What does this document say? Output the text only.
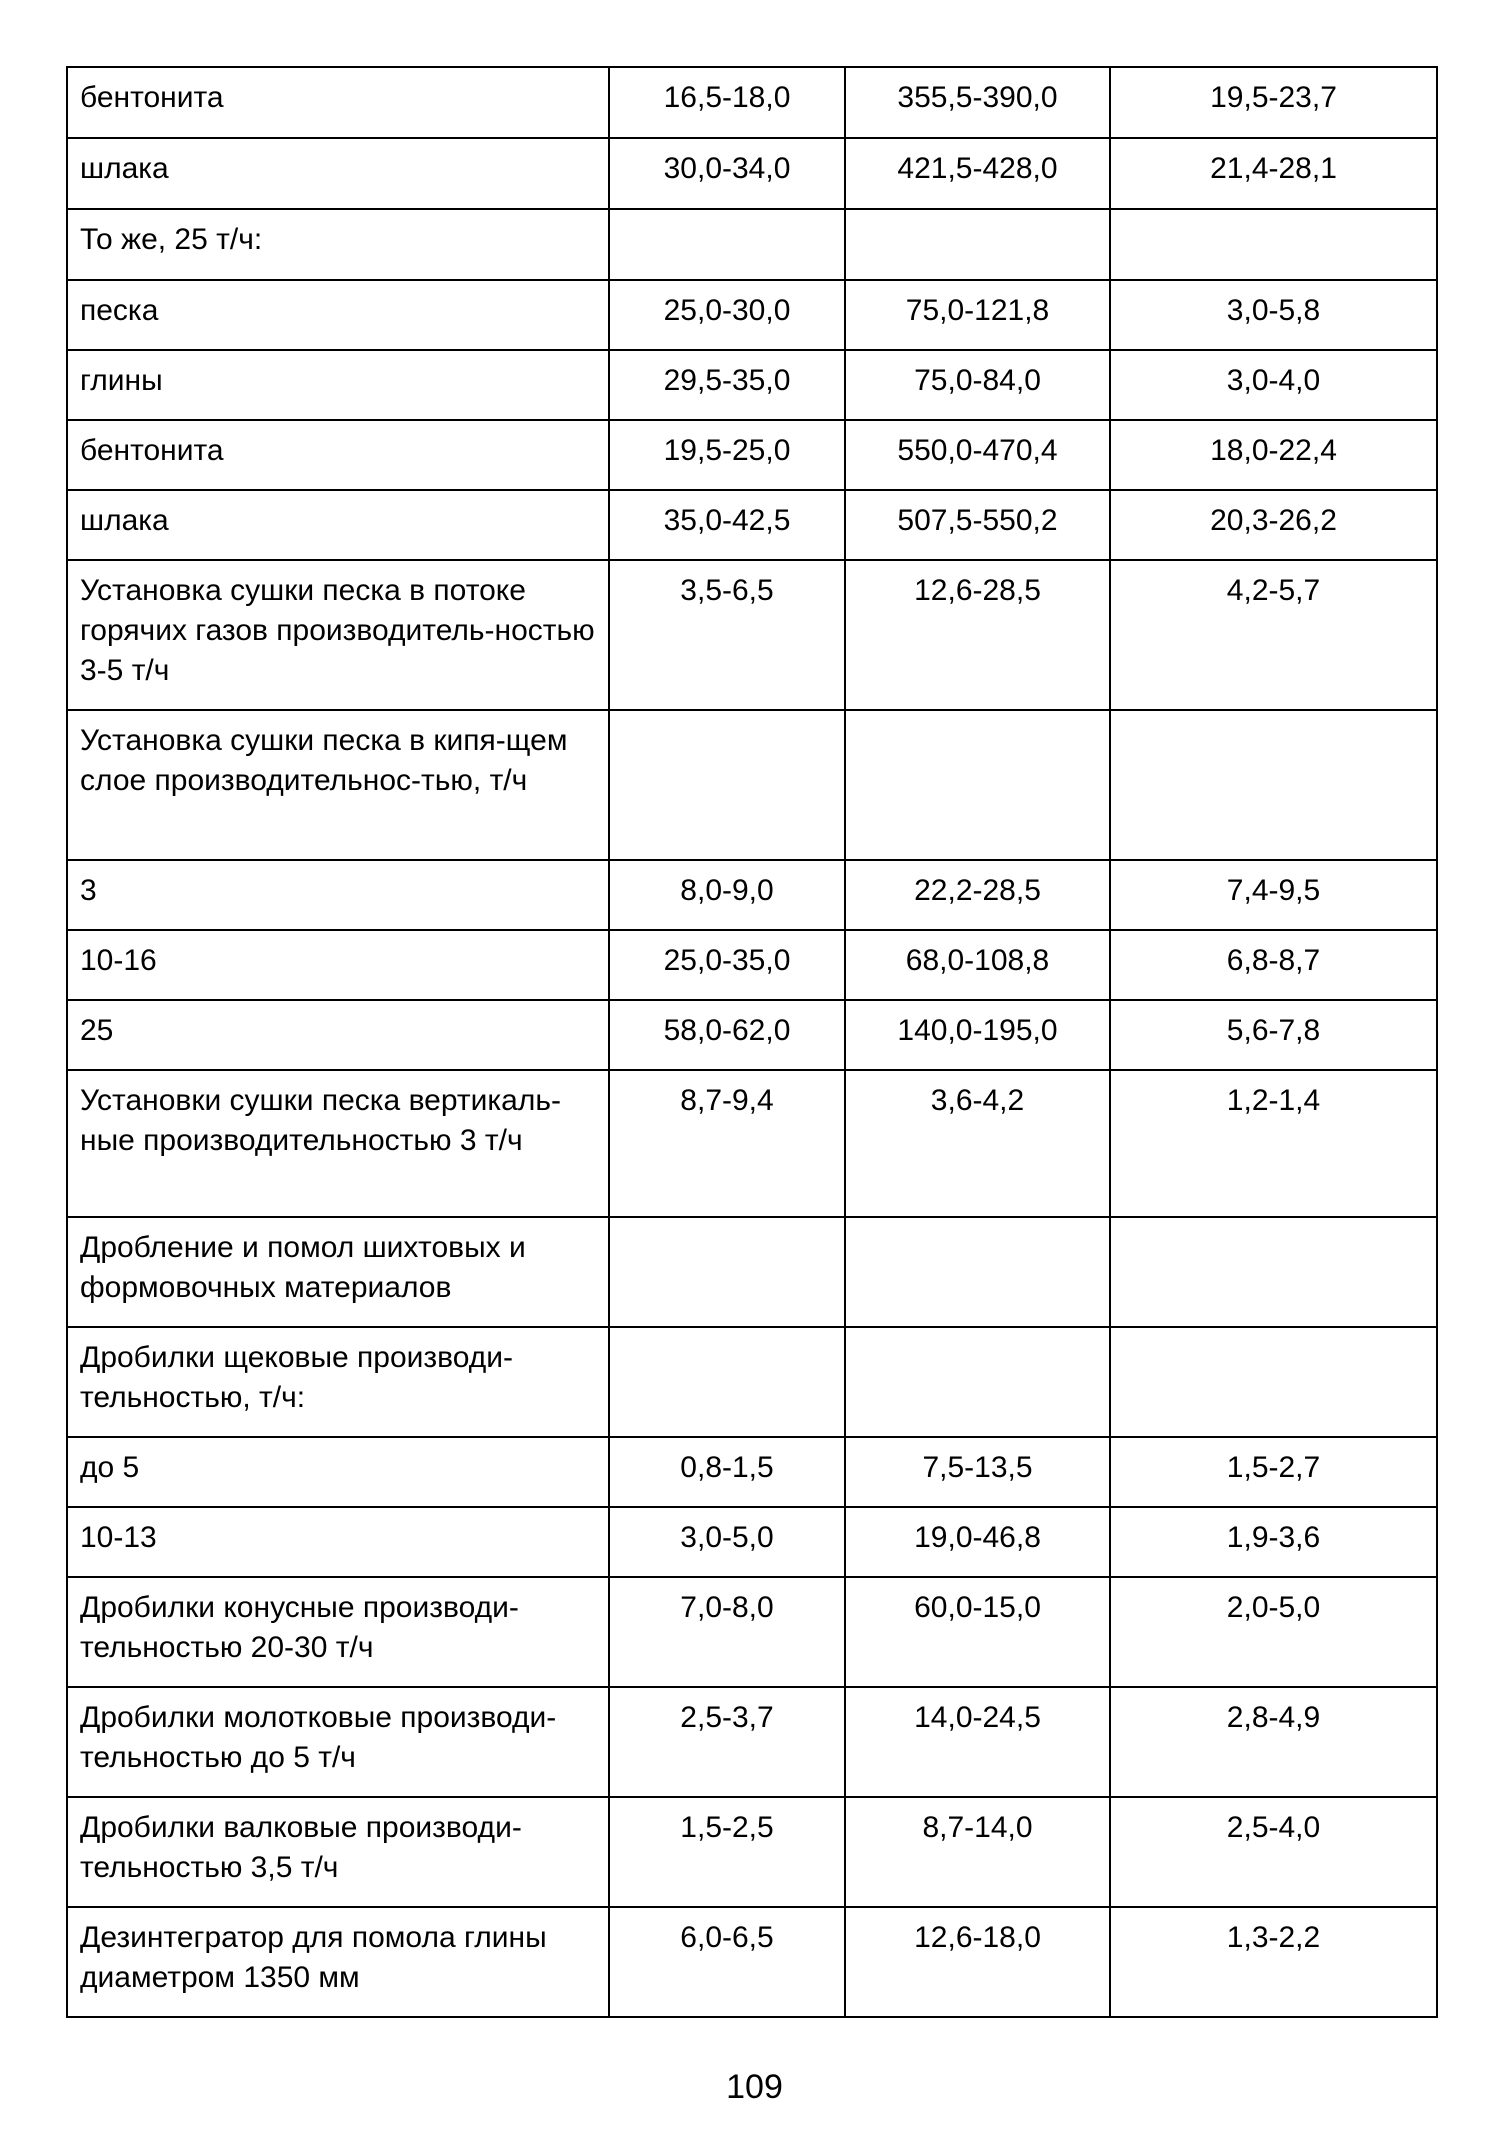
бентонита	16,5-18,0	355,5-390,0	19,5-23,7
шлака	30,0-34,0	421,5-428,0	21,4-28,1
То же, 25 т/ч:			
песка	25,0-30,0	75,0-121,8	3,0-5,8
глины	29,5-35,0	75,0-84,0	3,0-4,0
бентонита	19,5-25,0	550,0-470,4	18,0-22,4
шлака	35,0-42,5	507,5-550,2	20,3-26,2
Установка сушки песка в потоке горячих газов производитель-ностью 3-5 т/ч	3,5-6,5	12,6-28,5	4,2-5,7
Установка сушки песка в кипя-щем слое производительнос-тью, т/ч			
3	8,0-9,0	22,2-28,5	7,4-9,5
10-16	25,0-35,0	68,0-108,8	6,8-8,7
25	58,0-62,0	140,0-195,0	5,6-7,8
Установки сушки песка вертикаль-ные производительностью 3 т/ч	8,7-9,4	3,6-4,2	1,2-1,4
Дробление и помол шихтовых и формовочных материалов			
Дробилки щековые производи-тельностью, т/ч:			
до 5	0,8-1,5	7,5-13,5	1,5-2,7
10-13	3,0-5,0	19,0-46,8	1,9-3,6
Дробилки конусные производи-тельностью 20-30 т/ч	7,0-8,0	60,0-15,0	2,0-5,0
Дробилки молотковые производи-тельностью до 5 т/ч	2,5-3,7	14,0-24,5	2,8-4,9
Дробилки валковые производи-тельностью 3,5 т/ч	1,5-2,5	8,7-14,0	2,5-4,0
Дезинтегратор для помола глины диаметром 1350 мм	6,0-6,5	12,6-18,0	1,3-2,2
109
